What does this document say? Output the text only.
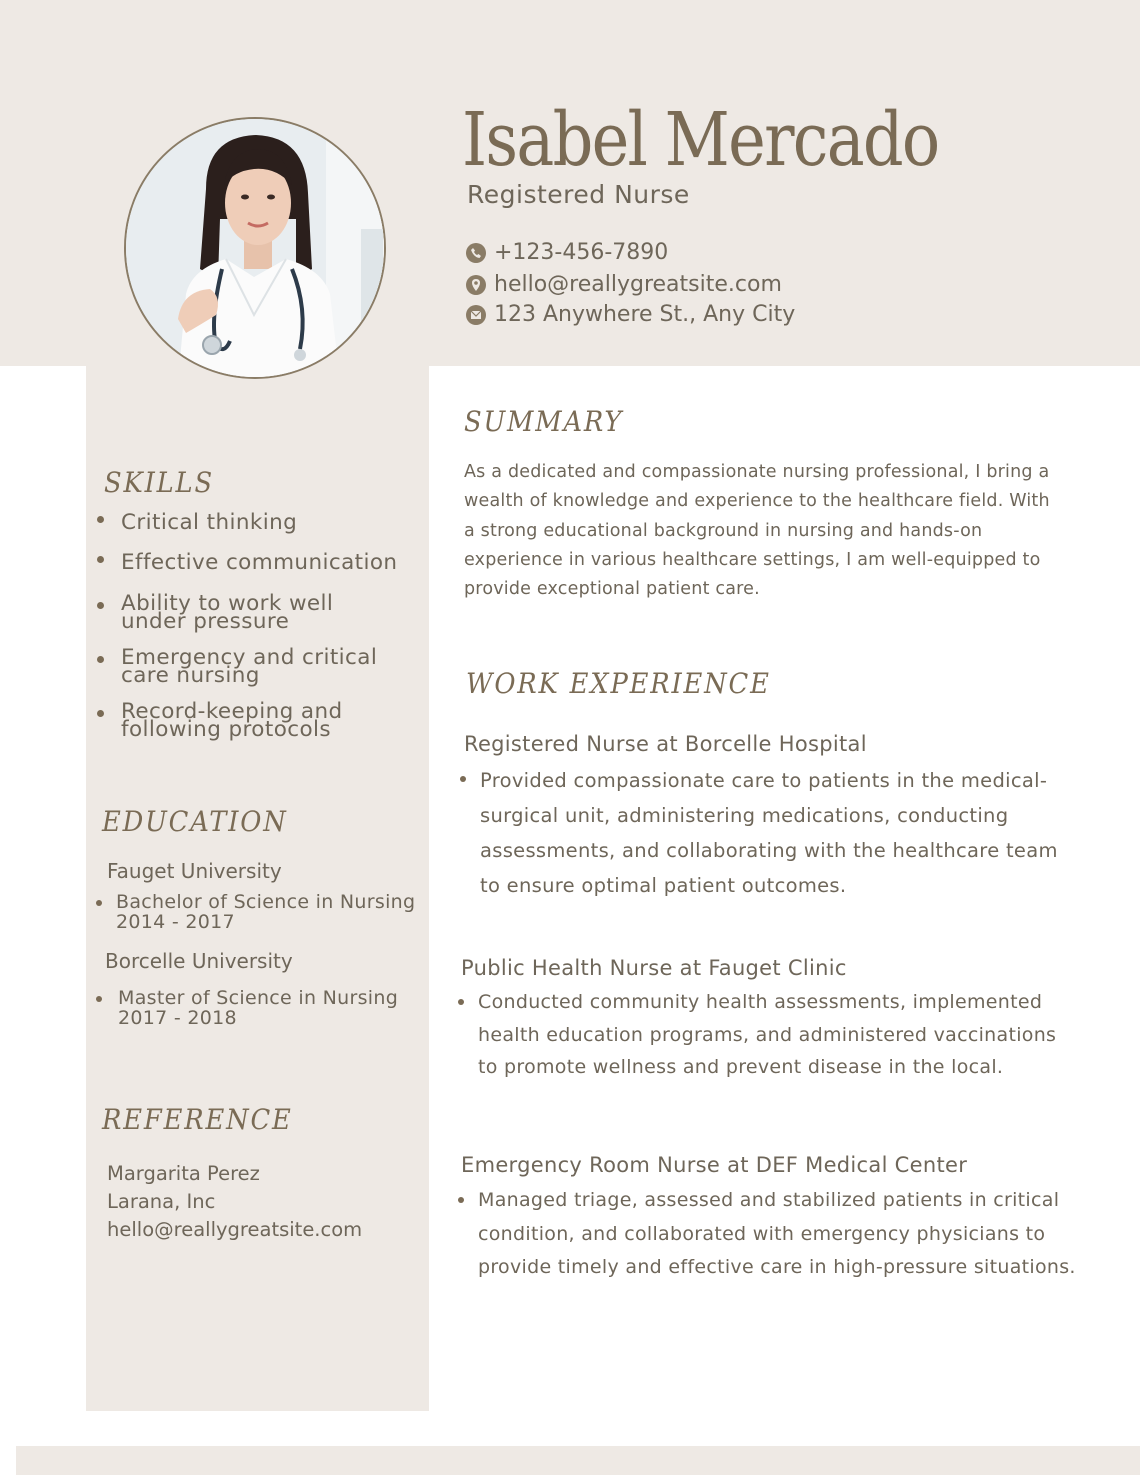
Isabel Mercado
Registered Nurse
+123-456-7890
hello@reallygreatsite.com
123 Anywhere St., Any City
SKILLS
Critical thinking
Effective communication
Ability to work well
under pressure
Emergency and critical
care nursing
Record-keeping and
following protocols
EDUCATION
Fauget University
Bachelor of Science in Nursing
2014 - 2017
Borcelle University
Master of Science in Nursing
2017 - 2018
REFERENCE
Margarita Perez
Larana, Inc
hello@reallygreatsite.com
SUMMARY
As a dedicated and compassionate nursing professional, I bring a wealth of knowledge and experience to the healthcare field. With a strong educational background in nursing and hands-on experience in various healthcare settings, I am well-equipped to provide exceptional patient care.
WORK EXPERIENCE
Registered Nurse at Borcelle Hospital
Provided compassionate care to patients in the medical-surgical unit, administering medications, conducting assessments, and collaborating with the healthcare team to ensure optimal patient outcomes.
Public Health Nurse at Fauget Clinic
Conducted community health assessments, implemented health education programs, and administered vaccinations to promote wellness and prevent disease in the local.
Emergency Room Nurse at DEF Medical Center
Managed triage, assessed and stabilized patients in critical condition, and collaborated with emergency physicians to provide timely and effective care in high-pressure situations.
